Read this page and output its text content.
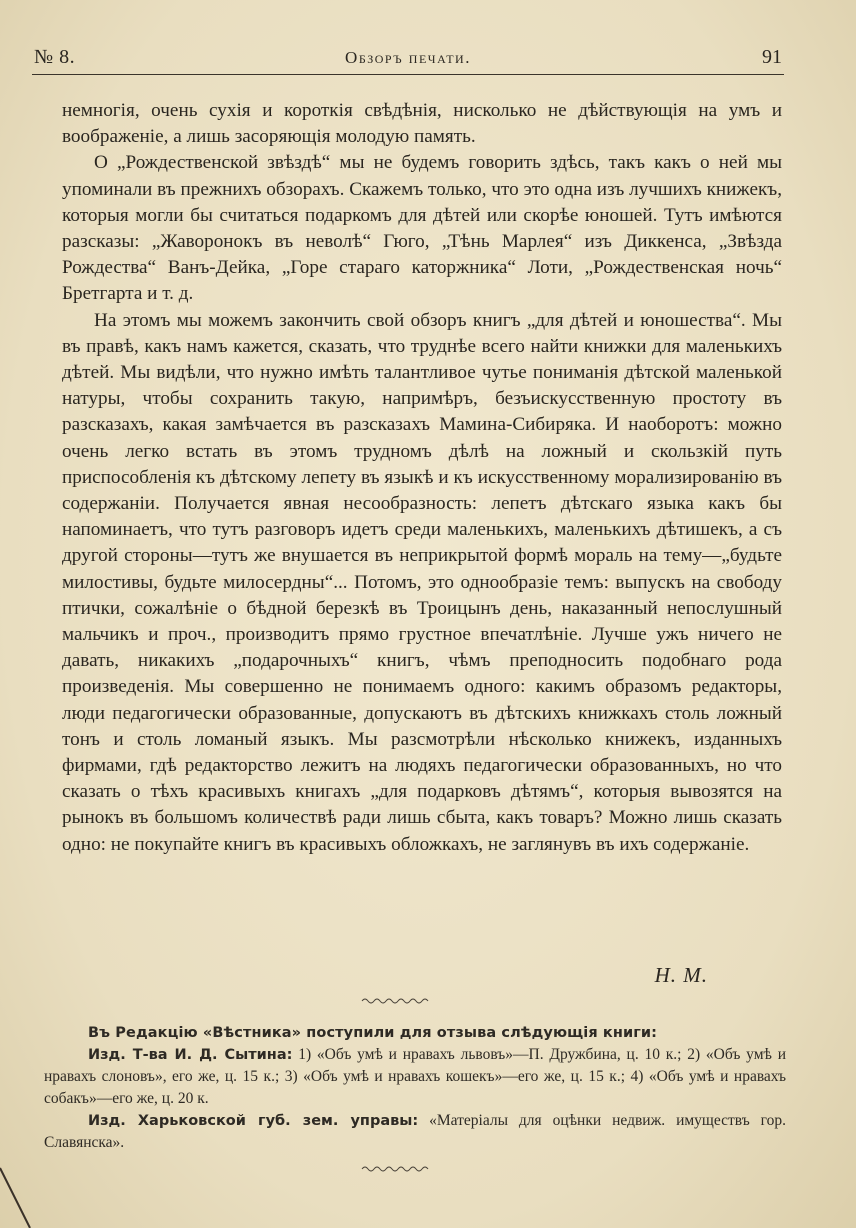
№ 8.	Обзоръ печати.	91

немногія, очень сухія и короткія свѣдѣнія, нисколько не дѣйствующія на умъ и воображеніе, а лишь засоряющія молодую память.

О „Рождественской звѣздѣ“ мы не будемъ говорить здѣсь, такъ какъ о ней мы упоминали въ прежнихъ обзорахъ. Скажемъ только, что это одна изъ лучшихъ книжекъ, которыя могли бы считаться подаркомъ для дѣтей или скорѣе юношей. Тутъ имѣются разсказы: „Жаворонокъ въ неволѣ“ Гюго, „Тѣнь Марлея“ изъ Диккенса, „Звѣзда Рождества“ Ванъ-Дейка, „Горе стараго каторжника“ Лоти, „Рождественская ночь“ Бретгарта и т. д.

На этомъ мы можемъ закончить свой обзоръ книгъ „для дѣтей и юношества“. Мы въ правѣ, какъ намъ кажется, сказать, что труднѣе всего найти книжки для маленькихъ дѣтей. Мы видѣли, что нужно имѣть талантливое чутье пониманія дѣтской маленькой натуры, чтобы сохранить такую, напримѣръ, безъискусственную простоту въ разсказахъ, какая замѣчается въ разсказахъ Мамина-Сибиряка. И наоборотъ: можно очень легко встать въ этомъ трудномъ дѣлѣ на ложный и скользкій путь приспособленія къ дѣтскому лепету въ языкѣ и къ искусственному морализированію въ содержаніи. Получается явная несообразность: лепетъ дѣтскаго языка какъ бы напоминаетъ, что тутъ разговоръ идетъ среди маленькихъ, маленькихъ дѣтишекъ, а съ другой стороны—тутъ же внушается въ неприкрытой формѣ мораль на тему—„будьте милостивы, будьте милосердны“... Потомъ, это однообразіе темъ: выпускъ на свободу птички, сожалѣніе о бѣдной березкѣ въ Троицынъ день, наказанный непослушный мальчикъ и проч., производитъ прямо грустное впечатлѣніе. Лучше ужъ ничего не давать, никакихъ „подарочныхъ“ книгъ, чѣмъ преподносить подобнаго рода произведенія. Мы совершенно не понимаемъ одного: какимъ образомъ редакторы, люди педагогически образованные, допускаютъ въ дѣтскихъ книжкахъ столь ложный тонъ и столь ломаный языкъ. Мы разсмотрѣли нѣсколько книжекъ, изданныхъ фирмами, гдѣ редакторство лежитъ на людяхъ педагогически образованныхъ, но что сказать о тѣхъ красивыхъ книгахъ „для подарковъ дѣтямъ“, которыя вывозятся на рынокъ въ большомъ количествѣ ради лишь сбыта, какъ товаръ? Можно лишь сказать одно: не покупайте книгъ въ красивыхъ обложкахъ, не заглянувъ въ ихъ содержаніе.

Н. М.

Въ Редакцію «Вѣстника» поступили для отзыва слѣдующія книги:

Изд. Т-ва И. Д. Сытина: 1) «Объ умѣ и нравахъ львовъ»—П. Дружбина, ц. 10 к.; 2) «Объ умѣ и нравахъ слоновъ», его же, ц. 15 к.; 3) «Объ умѣ и нравахъ кошекъ»—его же, ц. 15 к.; 4) «Объ умѣ и нравахъ собакъ»—его же, ц. 20 к.

Изд. Харьковской губ. зем. управы: «Матеріалы для оцѣнки недвиж. имуществъ гор. Славянска».
